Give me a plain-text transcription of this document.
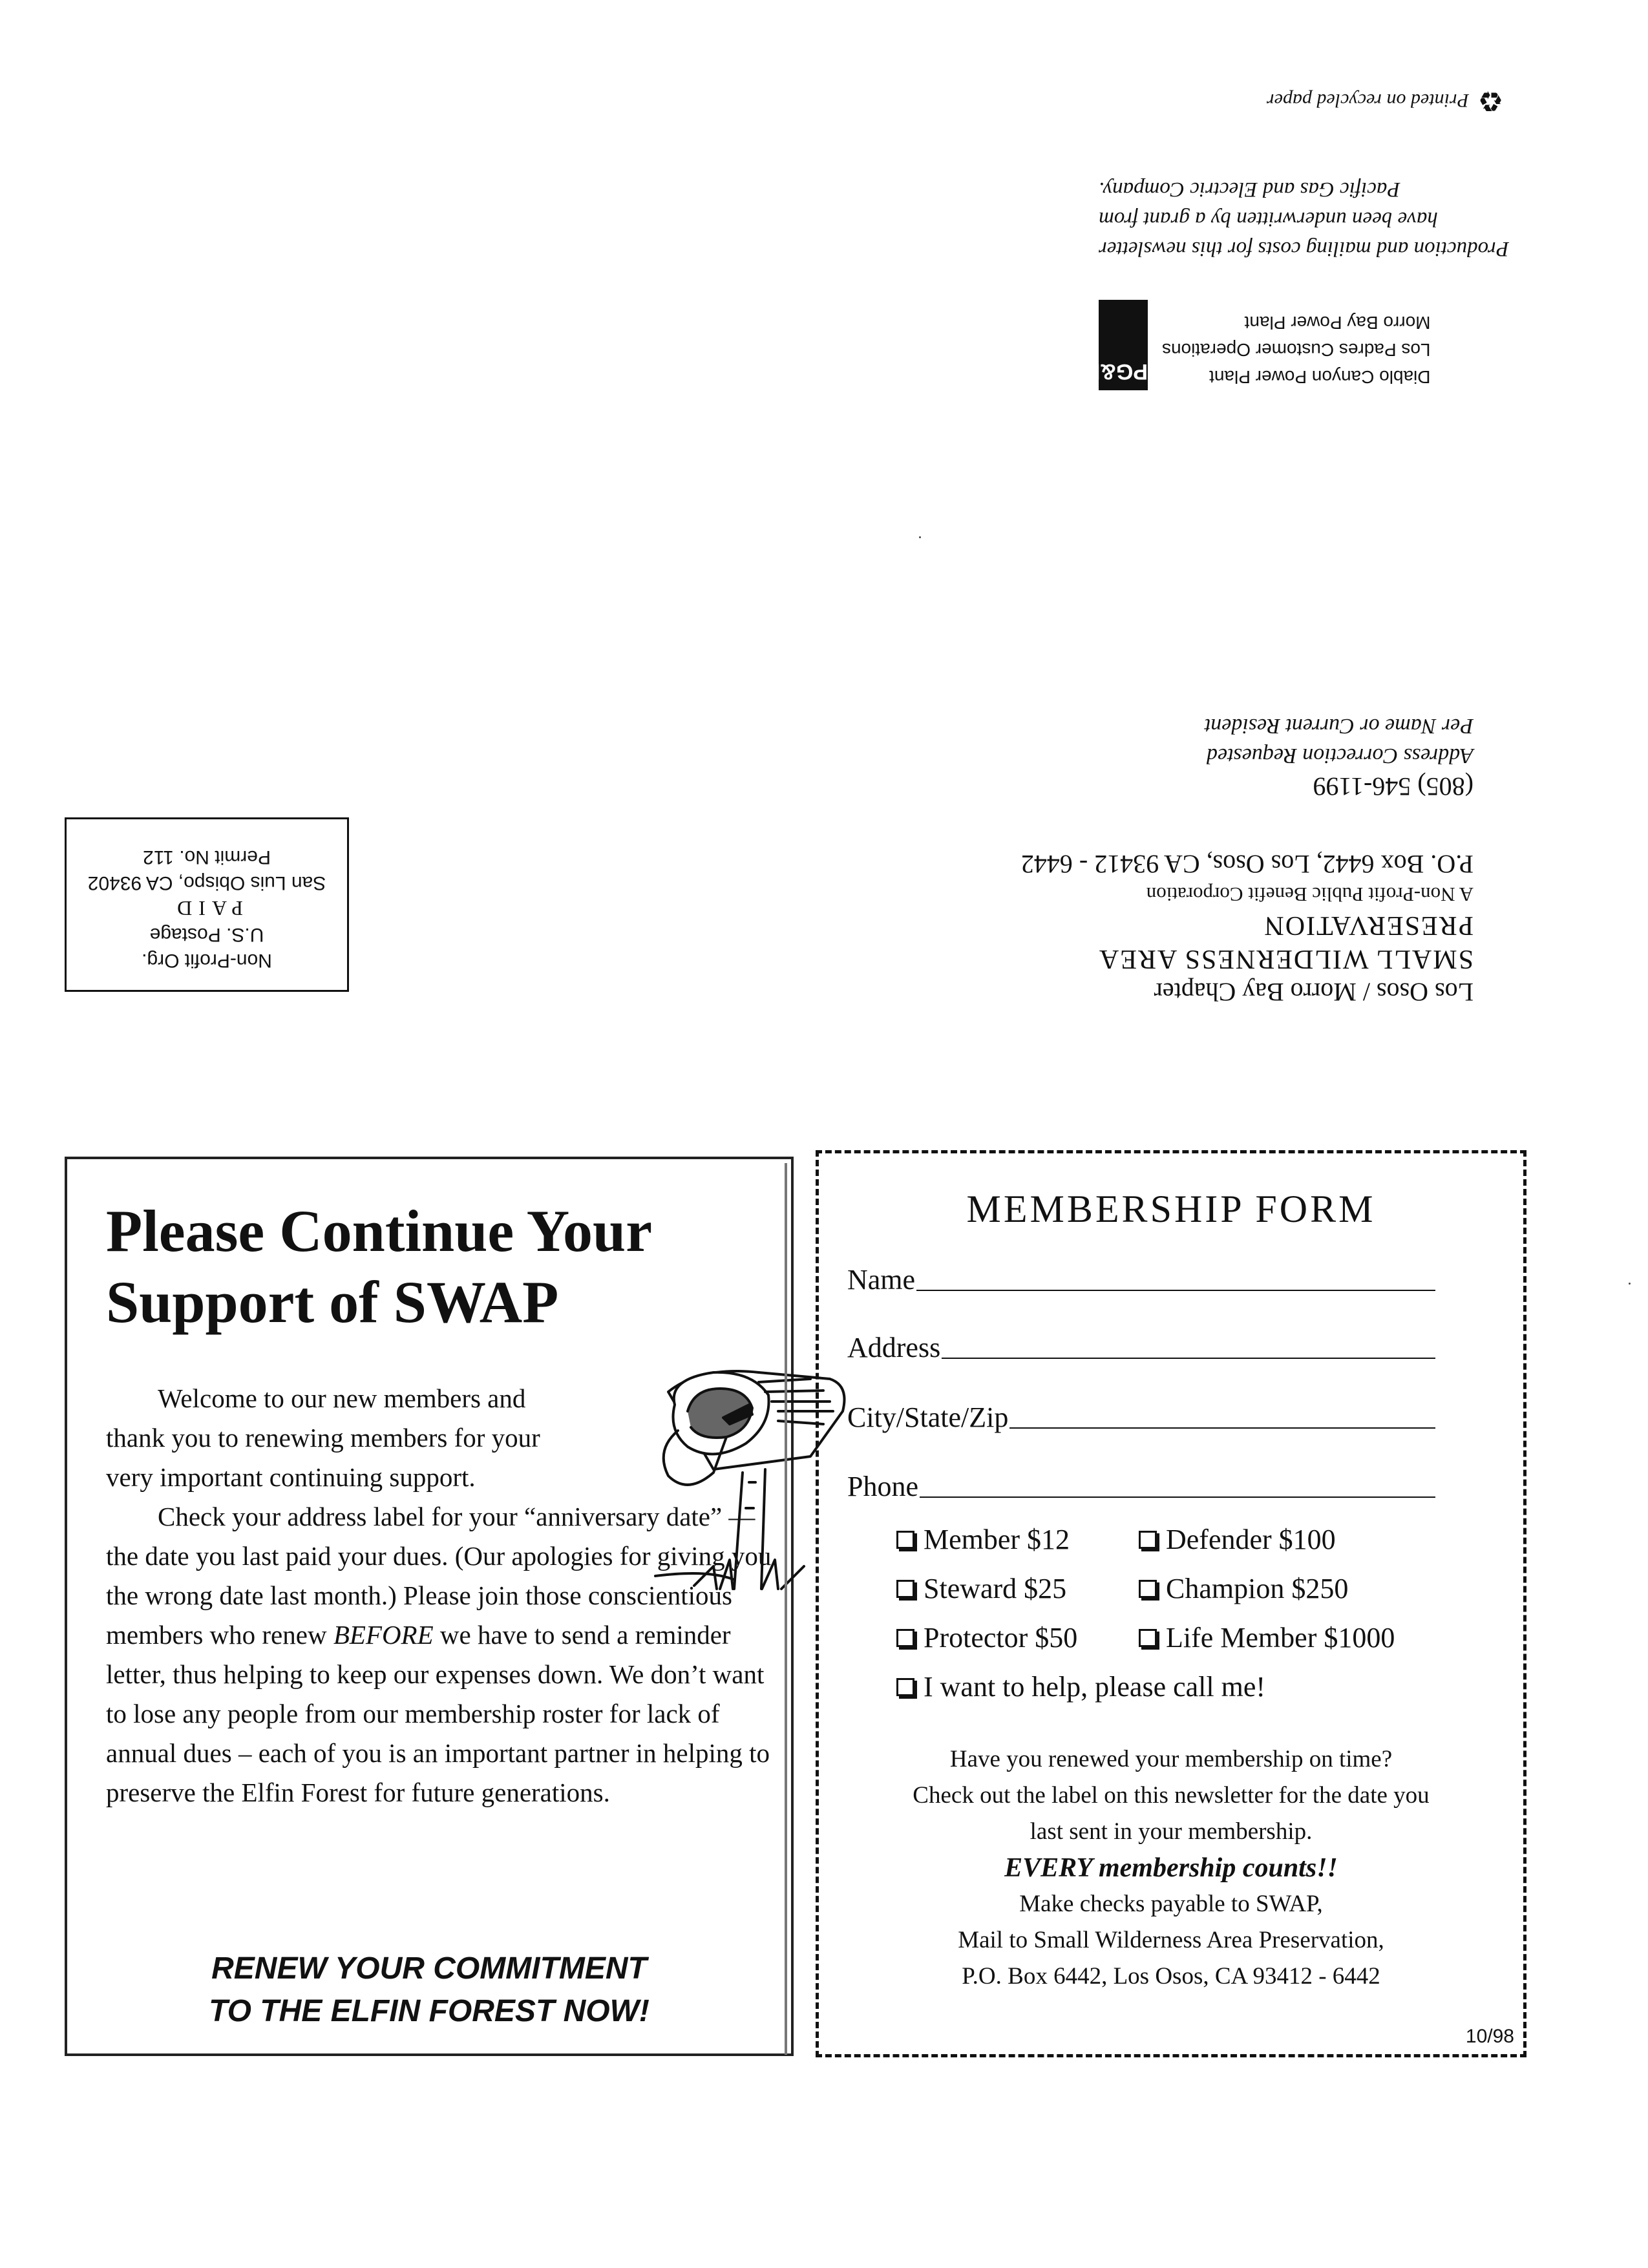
♻
Printed on recycled paper
Diablo Canyon Power Plant
Los Padres Customer Operations
Morro Bay Power Plant
PG&E
Production and mailing costs for this newsletter
have been underwritten by a grant from
Pacific Gas and Electric Company.
Los Osos / Morro Bay Chapter
SMALL WILDERNESS AREA PRESERVATION
A Non-Profit Public Benefit Corporation
P.O. Box 6442, Los Osos, CA 93412 - 6442
(805) 546-1199
Address Correction Requested
Per Name or Current Resident
Non-Profit Org.
U.S. Postage
PAID
San Luis Obispo, CA 93402
Permit No. 112
Please Continue Your
Support of SWAP

Welcome to our new members and thank you to renewing members for your very important continuing support.

Check your address label for your “anniversary date” —the date you last paid your dues. (Our apologies for giving you the wrong date last month.) Please join those conscientious members who renew BEFORE we have to send a reminder letter, thus helping to keep our expenses down. We don’t want to lose any people from our membership roster for lack of annual dues – each of you is an important partner in helping to preserve the Elfin Forest for future generations.

RENEW YOUR COMMITMENT
TO THE ELFIN FOREST NOW!
MEMBERSHIP FORM
Name
Address
City/State/Zip
Phone
Member $12	Defender $100
Steward $25	Champion $250
Protector $50	Life Member $1000
I want to help, please call me!
Have you renewed your membership on time?
Check out the label on this newsletter for the date you
last sent in your membership.
EVERY membership counts!!
Make checks payable to SWAP,
Mail to Small Wilderness Area Preservation,
P.O. Box 6442, Los Osos, CA 93412 - 6442
10/98
